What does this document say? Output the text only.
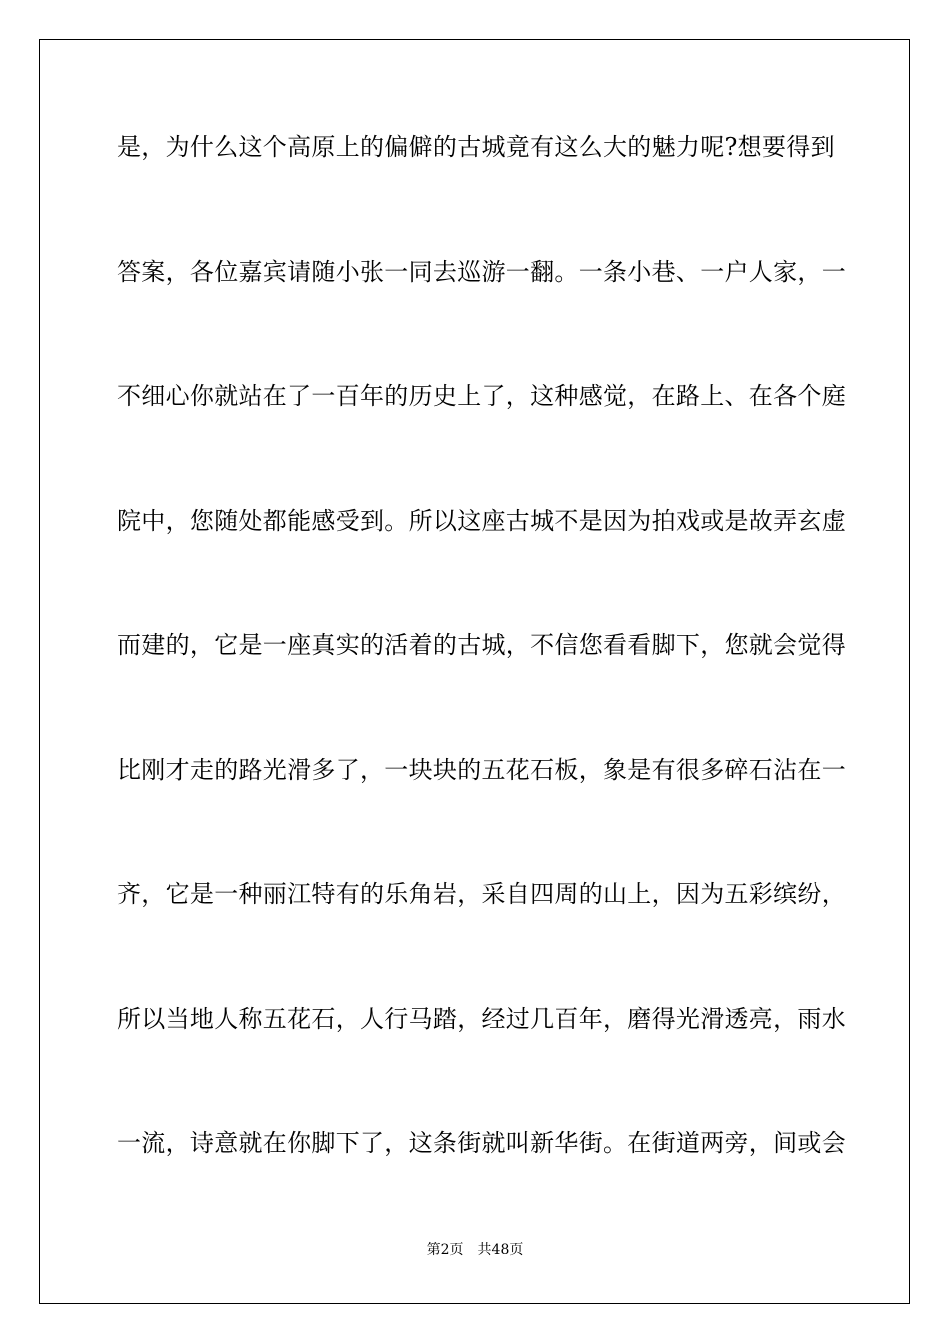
是，为什么这个高原上的偏僻的古城竟有这么大的魅力呢?想要得到
答案，各位嘉宾请随小张一同去巡游一翻。一条小巷、一户人家，一
不细心你就站在了一百年的历史上了，这种感觉，在路上、在各个庭
院中，您随处都能感受到。所以这座古城不是因为拍戏或是故弄玄虚
而建的，它是一座真实的活着的古城，不信您看看脚下，您就会觉得
比刚才走的路光滑多了，一块块的五花石板，象是有很多碎石沾在一
齐，它是一种丽江特有的乐角岩，采自四周的山上，因为五彩缤纷，
所以当地人称五花石，人行马踏，经过几百年，磨得光滑透亮，雨水
一流，诗意就在你脚下了，这条街就叫新华街。在街道两旁，间或会
第2页 共48页
